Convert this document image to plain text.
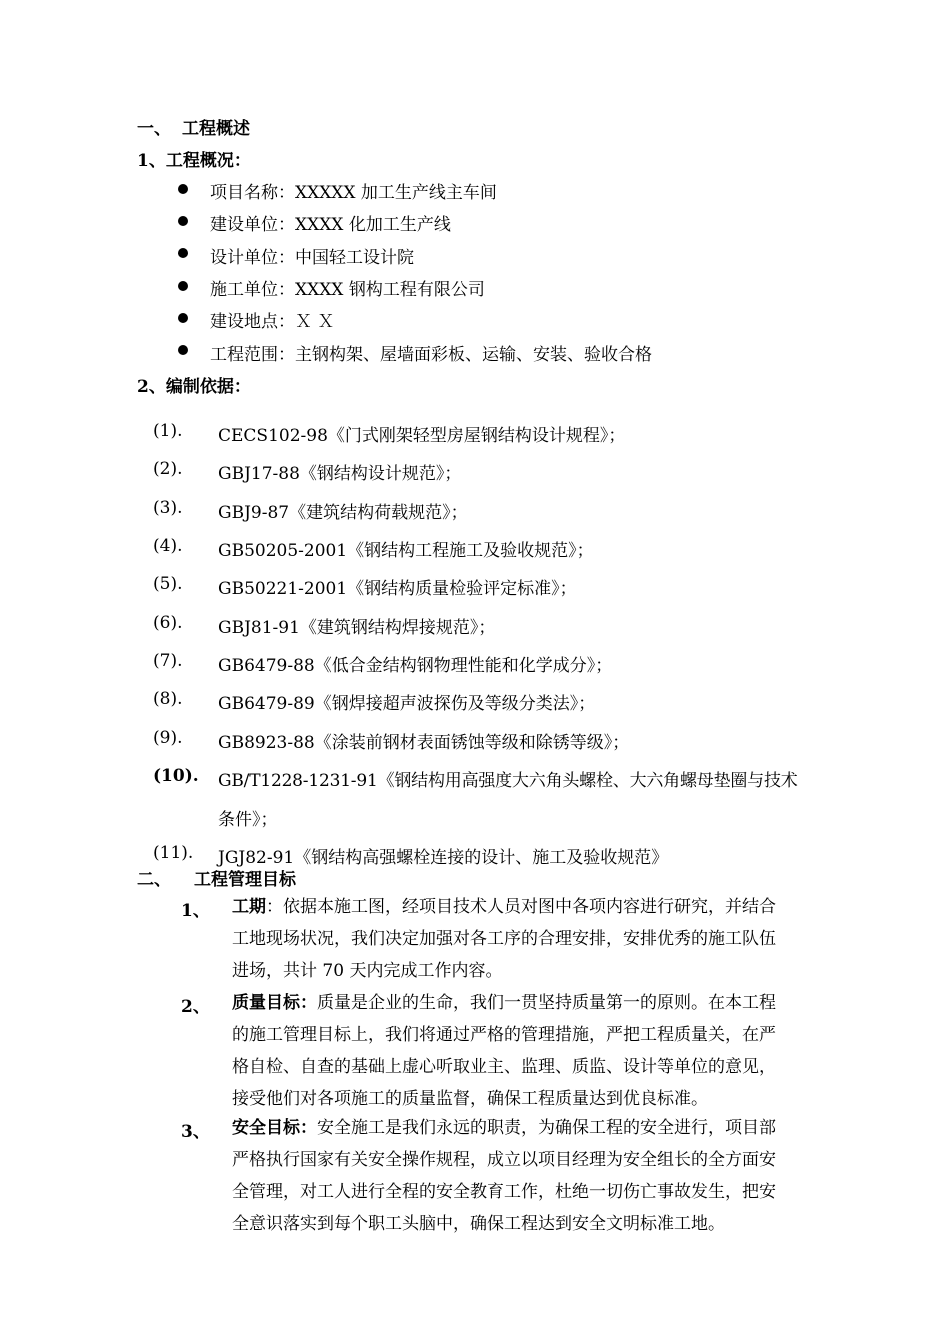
一、 工程概述
1、工程概况：
项目名称：XXXXX 加工生产线主车间
建设单位：XXXX 化加工生产线
设计单位：中国轻工设计院
施工单位：XXXX 钢构工程有限公司
建设地点：Ｘ Ｘ
工程范围：主钢构架、屋墙面彩板、运输、安装、验收合格
2、编制依据：
(1). CECS102-98《门式刚架轻型房屋钢结构设计规程》；
(2). GBJ17-88《钢结构设计规范》；
(3). GBJ9-87《建筑结构荷载规范》；
(4). GB50205-2001《钢结构工程施工及验收规范》；
(5). GB50221-2001《钢结构质量检验评定标准》；
(6). GBJ81-91《建筑钢结构焊接规范》；
(7). GB6479-88《低合金结构钢物理性能和化学成分》；
(8). GB6479-89《钢焊接超声波探伤及等级分类法》；
(9). GB8923-88《涂装前钢材表面锈蚀等级和除锈等级》；
(10). GB/T1228-1231-91《钢结构用高强度大六角头螺栓、大六角螺母垫圈与技术
条件》；
(11). JGJ82-91《钢结构高强螺栓连接的设计、施工及验收规范》
二、 工程管理目标
1、 工期：依据本施工图，经项目技术人员对图中各项内容进行研究，并结合
工地现场状况，我们决定加强对各工序的合理安排，安排优秀的施工队伍
进场，共计 70 天内完成工作内容。
2、 质量目标：质量是企业的生命，我们一贯坚持质量第一的原则。在本工程
的施工管理目标上，我们将通过严格的管理措施，严把工程质量关，在严
格自检、自查的基础上虚心听取业主、监理、质监、设计等单位的意见，
接受他们对各项施工的质量监督，确保工程质量达到优良标准。
3、 安全目标：安全施工是我们永远的职责，为确保工程的安全进行，项目部
严格执行国家有关安全操作规程，成立以项目经理为安全组长的全方面安
全管理，对工人进行全程的安全教育工作，杜绝一切伤亡事故发生，把安
全意识落实到每个职工头脑中，确保工程达到安全文明标准工地。
